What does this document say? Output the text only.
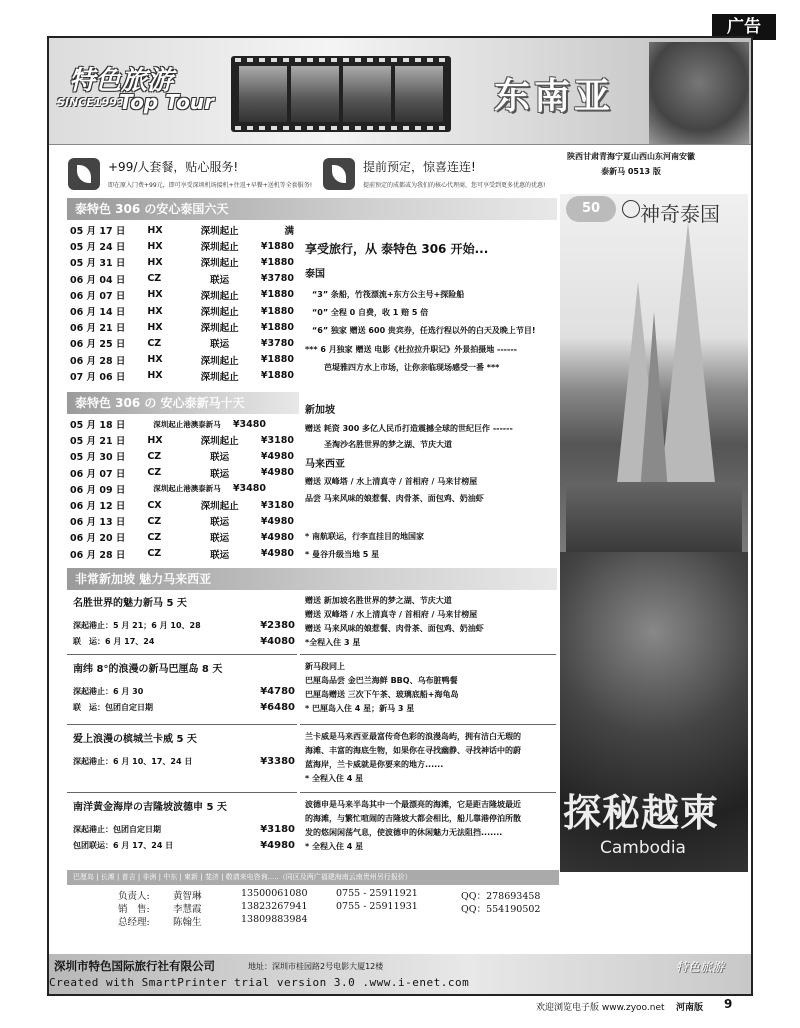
广告
特色旅游
SINCE1993
Top Tour	东南亚
+99/人套餐，贴心服务!
即在原入门费+99元，即可享受深圳机场接机+往返+早餐+送机等全套服务!
提前预定，惊喜连连!
提前预定的成都或为我们的核心代理商，您可享受到更多优惠的优惠!
陕西甘肃青海宁夏山西山东河南安徽
泰新马 0513 版
泰特色 306 の安心泰国六天
05 月 17 日	HX	深圳起止	满
05 月 24 日	HX	深圳起止	¥1880
05 月 31 日	HX	深圳起止	¥1880
06 月 04 日	CZ	联运	¥3780
06 月 07 日	HX	深圳起止	¥1880
06 月 14 日	HX	深圳起止	¥1880
06 月 21 日	HX	深圳起止	¥1880
06 月 25 日	CZ	联运	¥3780
06 月 28 日	HX	深圳起止	¥1880
07 月 06 日	HX	深圳起止	¥1880
泰特色 306 の 安心泰新马十天
05 月 18 日	深圳起止港澳泰新马	¥3480
05 月 21 日	HX	深圳起止	¥3180
05 月 30 日	CZ	联运	¥4980
06 月 07 日	CZ	联运	¥4980
06 月 09 日	深圳起止港澳泰新马	¥3480
06 月 12 日	CX	深圳起止	¥3180
06 月 13 日	CZ	联运	¥4980
06 月 20 日	CZ	联运	¥4980
06 月 28 日	CZ	联运	¥4980
享受旅行，从 泰特色 306 开始...
泰国
“3” 条船，竹筏漂流+东方公主号+探险船
“0” 全程 0 自费，收 1 赔 5 倍
“6” 独家 赠送 600 贵宾券，任选行程以外的白天及晚上节目!
*** 6 月独家 赠送 电影《杜拉拉升职记》外景拍摄地 ------
芭堤雅四方水上市场，让你亲临现场感受一番 ***
新加坡
赠送 耗资 300 多亿人民币打造震撼全球的世纪巨作 ------
圣淘沙名胜世界的梦之湖、节庆大道
马来西亚
赠送 双峰塔 / 水上清真寺 / 首相府 / 马来甘榜屋
品尝 马来风味的娘惹餐、肉骨茶、面包鸡、奶油虾
* 南航联运，行李直挂目的地国家
* 曼谷升级当地 5 星
50	神奇泰国
探秘越柬
Cambodia
非常新加坡 魅力马来西亚
名胜世界的魅力新马 5 天
深起港止：5 月 21；6 月 10、28	¥2380
联　运：6 月 17、24	¥4080
赠送 新加坡名胜世界的梦之湖、节庆大道
赠送 双峰塔 / 水上清真寺 / 首相府 / 马来甘榜屋
赠送 马来风味的娘惹餐、肉骨茶、面包鸡、奶油虾
*全程入住 3 星
南纬 8°的浪漫の新马巴厘岛 8 天
深起港止：6 月 30	¥4780
联　运：包团自定日期	¥6480
新马段同上
巴厘岛品尝 金巴兰海鲜 BBQ、乌布脏鸭餐
巴厘岛赠送 三次下午茶、玻璃底船+海龟岛
* 巴厘岛入住 4 星；新马 3 星
爱上浪漫の槟城兰卡威 5 天
深起港止：6 月 10、17、24 日	¥3380
兰卡威是马来西亚最富传奇色彩的浪漫岛屿，拥有洁白无瑕的
海滩、丰富的海底生物，如果你在寻找幽静、寻找神话中的蔚
蓝海岸，兰卡威就是你要来的地方......
* 全程入住 4 星
南洋黄金海岸の吉隆坡波德申 5 天
深起港止：包团自定日期	¥3180
包团联运：6 月 17、24 日	¥4980
波德申是马来半岛其中一个最漂亮的海滩，它是距吉隆坡最近
的海滩，与繁忙喧闹的吉隆坡大都会相比，船儿靠港停泊所散
发的悠闲闲荡气息，使波德申的休闲魅力无法阻挡.......
* 全程入住 4 星
巴厘岛 | 长滩 | 普吉 | 非洲 | 中东 | 柬新 | 斐济 | 敬请来电咨询.....（同区及两广福建海南云南贵州另行报价）
负责人:	黄智琳	13500061080	0755 - 25911921	QQ：278693458
销　售:	李慧霞	13823267941	0755 - 25911931	QQ：554190502
总经理:	陈翰生	13809883984
深圳市特色国际旅行社有限公司	地址：深圳市桂园路2号电影大厦12楼
Created with SmartPrinter trial version 3.0 .www.i-enet.com
特色旅游
欢迎浏览电子版 www.zyoo.net 河南版 9
